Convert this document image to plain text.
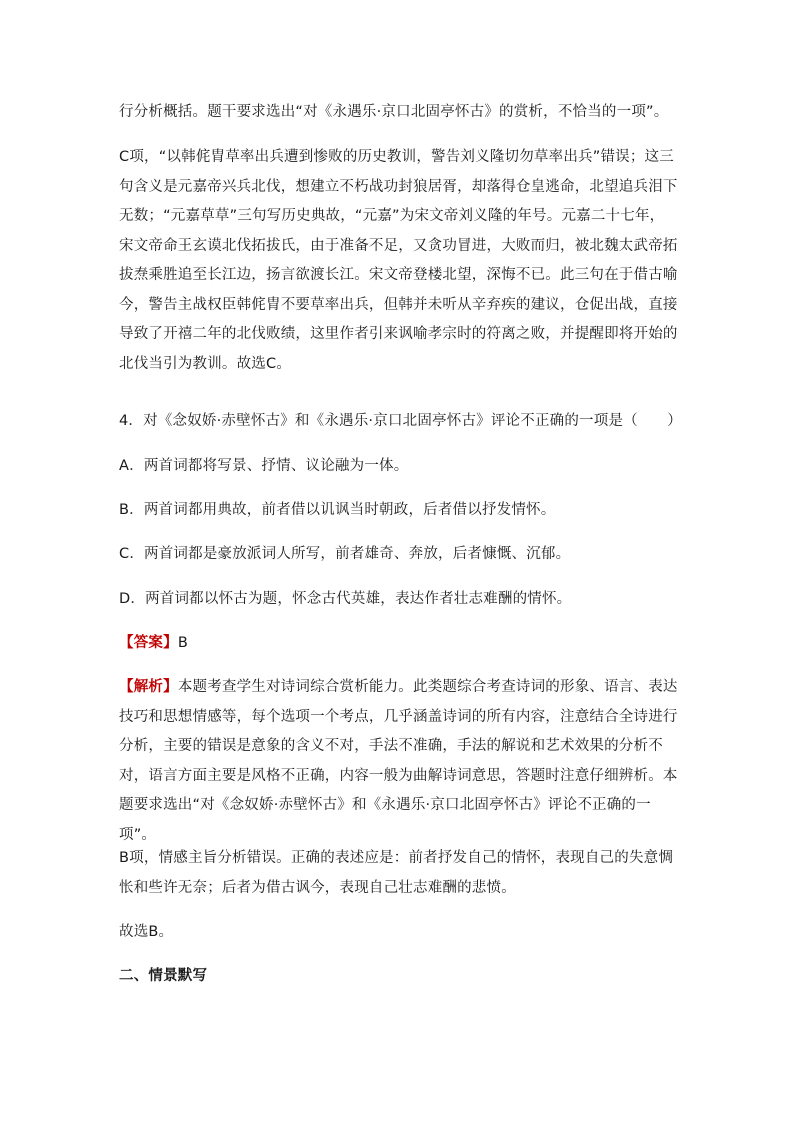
行分析概括。题干要求选出“对《永遇乐·京口北固亭怀古》的赏析，不恰当的一项”。

C项，“以韩侂胄草率出兵遭到惨败的历史教训，警告刘义隆切勿草率出兵”错误；这三句含义是元嘉帝兴兵北伐，想建立不朽战功封狼居胥，却落得仓皇逃命，北望追兵泪下无数；“元嘉草草”三句写历史典故，“元嘉”为宋文帝刘义隆的年号。元嘉二十七年，宋文帝命王玄谟北伐拓拔氏，由于准备不足，又贪功冒进，大败而归，被北魏太武帝拓拔焘乘胜追至长江边，扬言欲渡长江。宋文帝登楼北望，深悔不已。此三句在于借古喻今，警告主战权臣韩侂胄不要草率出兵，但韩并未听从辛弃疾的建议，仓促出战，直接导致了开禧二年的北伐败绩，这里作者引来讽喻孝宗时的符离之败，并提醒即将开始的北伐当引为教训。故选C。

4．对《念奴娇·赤壁怀古》和《永遇乐·京口北固亭怀古》评论不正确的一项是（　　）

A．两首词都将写景、抒情、议论融为一体。

B．两首词都用典故，前者借以讥讽当时朝政，后者借以抒发情怀。

C．两首词都是豪放派词人所写，前者雄奇、奔放，后者慷慨、沉郁。

D．两首词都以怀古为题，怀念古代英雄，表达作者壮志难酬的情怀。

【答案】B

【解析】本题考查学生对诗词综合赏析能力。此类题综合考查诗词的形象、语言、表达技巧和思想情感等，每个选项一个考点，几乎涵盖诗词的所有内容，注意结合全诗进行分析，主要的错误是意象的含义不对，手法不准确，手法的解说和艺术效果的分析不对，语言方面主要是风格不正确，内容一般为曲解诗词意思，答题时注意仔细辨析。本题要求选出“对《念奴娇·赤壁怀古》和《永遇乐·京口北固亭怀古》评论不正确的一项”。

B项，情感主旨分析错误。正确的表述应是：前者抒发自己的情怀，表现自己的失意惆怅和些许无奈；后者为借古讽今，表现自己壮志难酬的悲愤。

故选B。

二、情景默写
